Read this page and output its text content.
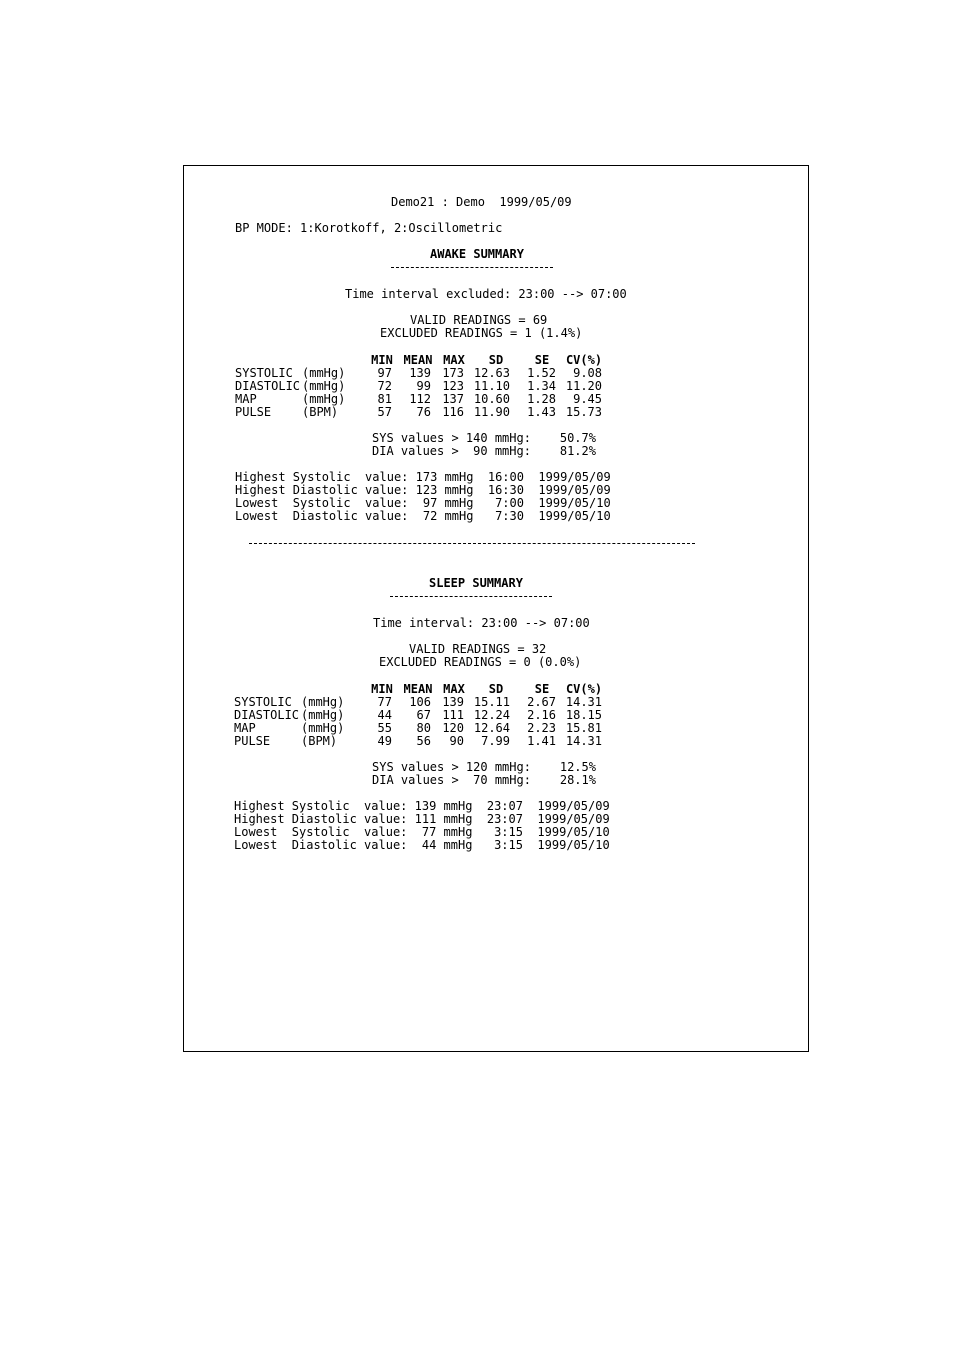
Demo21 : Demo  1999/05/09
BP MODE: 1:Korotkoff, 2:Oscillometric
AWAKE SUMMARY
Time interval excluded: 23:00 --> 07:00
VALID READINGS = 69
EXCLUDED READINGS = 1 (1.4%)
MIN MEAN MAX	SD	SE	CV(%)
SYSTOLIC (mmHg)	97	139 173 12.63	1.52	9.08
DIASTOLIC (mmHg)	72	99 123 11.10	1.34 11.20
MAP	(mmHg)	81	112 137 10.60	1.28	9.45
PULSE	(BPM)	57	76 116 11.90	1.43 15.73
SYS values > 140 mmHg:    50.7%
DIA values >  90 mmHg:    81.2%
Highest Systolic  value: 173 mmHg  16:00  1999/05/09
Highest Diastolic value: 123 mmHg  16:30  1999/05/09
Lowest  Systolic  value:  97 mmHg   7:00  1999/05/10
Lowest  Diastolic value:  72 mmHg   7:30  1999/05/10
SLEEP SUMMARY
Time interval: 23:00 --> 07:00
VALID READINGS = 32
EXCLUDED READINGS = 0 (0.0%)
MIN MEAN MAX	SD	SE	CV(%)
SYSTOLIC (mmHg)	77	106 139 15.11	2.67 14.31
DIASTOLIC (mmHg)	44	67 111 12.24	2.16 18.15
MAP	(mmHg)	55	80 120 12.64	2.23 15.81
PULSE	(BPM)	49	56	90	7.99	1.41 14.31
SYS values > 120 mmHg:    12.5%
DIA values >  70 mmHg:    28.1%
Highest Systolic  value: 139 mmHg  23:07  1999/05/09
Highest Diastolic value: 111 mmHg  23:07  1999/05/09
Lowest  Systolic  value:  77 mmHg   3:15  1999/05/10
Lowest  Diastolic value:  44 mmHg   3:15  1999/05/10
